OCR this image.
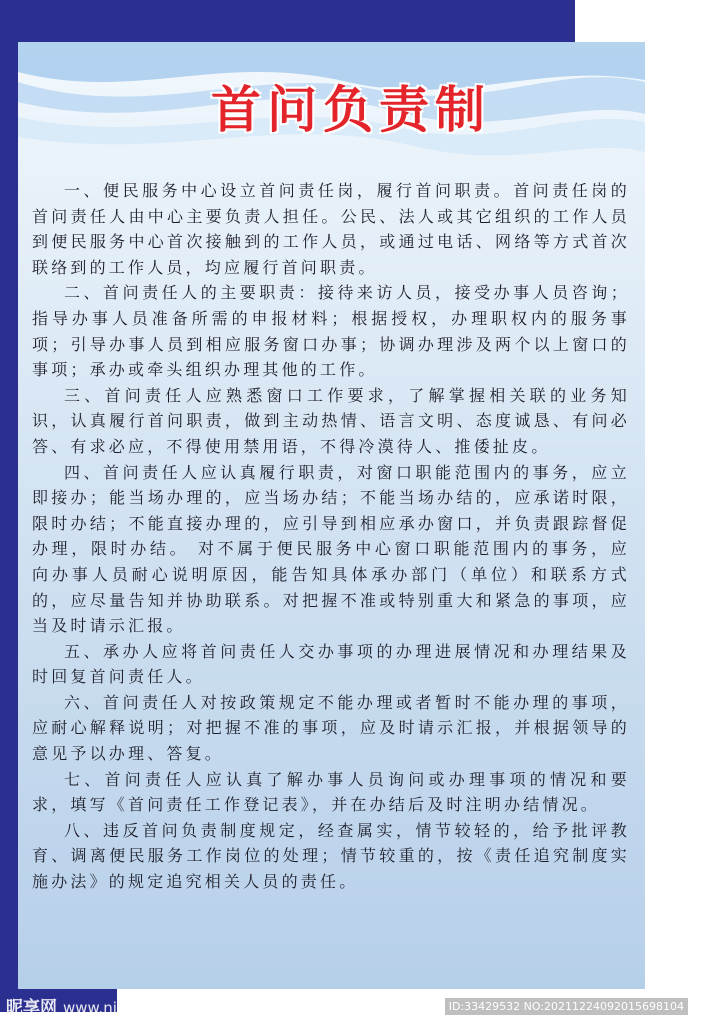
首问负责制

一、便民服务中心设立首问责任岗，履行首问职责。首问责任岗的首问责任人由中心主要负责人担任。公民、法人或其它组织的工作人员到便民服务中心首次接触到的工作人员，或通过电话、网络等方式首次联络到的工作人员，均应履行首问职责。

二、首问责任人的主要职责：接待来访人员，接受办事人员咨询；指导办事人员准备所需的申报材料；根据授权，办理职权内的服务事项；引导办事人员到相应服务窗口办事；协调办理涉及两个以上窗口的事项；承办或牵头组织办理其他的工作。

三、首问责任人应熟悉窗口工作要求，了解掌握相关联的业务知识，认真履行首问职责，做到主动热情、语言文明、态度诚恳、有问必答、有求必应，不得使用禁用语，不得冷漠待人、推倭扯皮。

四、首问责任人应认真履行职责，对窗口职能范围内的事务，应立即接办；能当场办理的，应当场办结；不能当场办结的，应承诺时限，限时办结；不能直接办理的，应引导到相应承办窗口，并负责跟踪督促办理，限时办结。 对不属于便民服务中心窗口职能范围内的事务，应向办事人员耐心说明原因，能告知具体承办部门（单位）和联系方式的，应尽量告知并协助联系。对把握不准或特别重大和紧急的事项，应当及时请示汇报。

五、承办人应将首问责任人交办事项的办理进展情况和办理结果及时回复首问责任人。

六、首问责任人对按政策规定不能办理或者暂时不能办理的事项，应耐心解释说明；对把握不准的事项，应及时请示汇报，并根据领导的意见予以办理、答复。

七、首问责任人应认真了解办事人员询问或办理事项的情况和要求，填写《首问责任工作登记表》，并在办结后及时注明办结情况。

八、违反首问负责制度规定，经查属实，情节较轻的，给予批评教育、调离便民服务工作岗位的处理；情节较重的，按《责任追究制度实施办法》的规定追究相关人员的责任。

昵享网 www.nipic.com	ID:33429532 NO:20211224092015698104
